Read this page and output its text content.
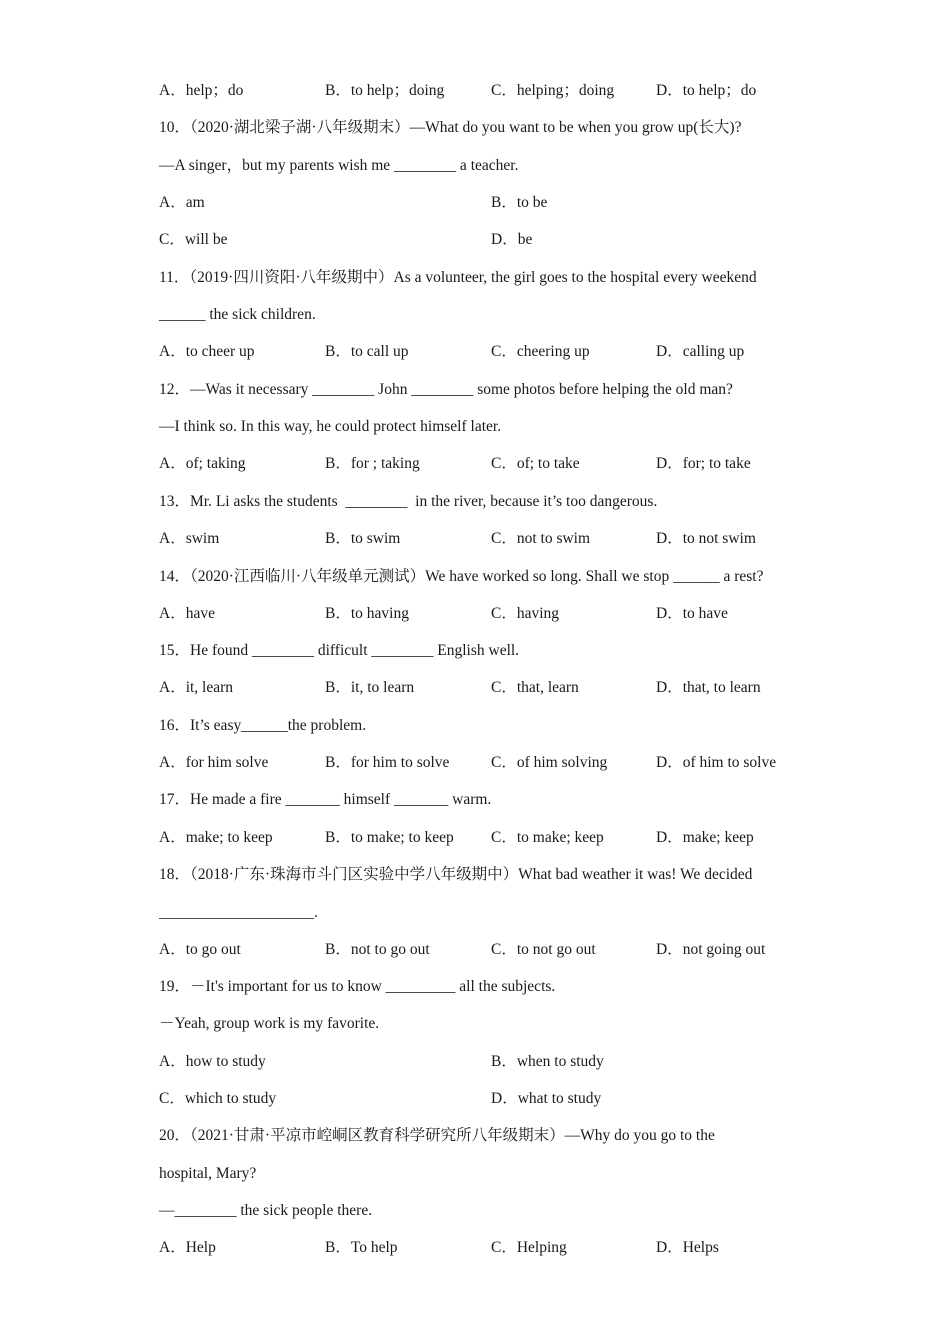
A．help；do	B．to help；doing	C．helping；doing	D．to help；do
10．（2020·湖北梁子湖·八年级期末）—What do you want to be when you grow up(长大)?
—A singer，but my parents wish me ________ a teacher.
A．am	B．to be
C．will be	D．be
11．（2019·四川资阳·八年级期中）As a volunteer, the girl goes to the hospital every weekend
______ the sick children.
A．to cheer up	B．to call up	C．cheering up	D．calling up
12．—Was it necessary ________ John ________ some photos before helping the old man?
—I think so. In this way, he could protect himself later.
A．of; taking	B．for ; taking	C．of; to take	D．for; to take
13．Mr. Li asks the students  ________  in the river, because it’s too dangerous.
A．swim	B．to swim	C．not to swim	D．to not swim
14．（2020·江西临川·八年级单元测试）We have worked so long. Shall we stop ______ a rest?
A．have	B．to having	C．having	D．to have
15．He found ________ difficult ________ English well.
A．it, learn	B．it, to learn	C．that, learn	D．that, to learn
16．It’s easy______the problem.
A．for him solve	B．for him to solve	C．of him solving	D．of him to solve
17．He made a fire _______ himself _______ warm.
A．make; to keep	B．to make; to keep C．to make; keep	D．make; keep
18．（2018·广东·珠海市斗门区实验中学八年级期中）What bad weather it was! We decided
____________________.
A．to go out	B．not to go out	C．to not go out	D．not going out
19．－It's important for us to know _________ all the subjects.
－Yeah, group work is my favorite.
A．how to study	B．when to study
C．which to study	D．what to study
20．（2021·甘肃·平凉市崆峒区教育科学研究所八年级期末）—Why do you go to the
hospital, Mary?
—________ the sick people there.
A．Help	B．To help	C．Helping	D．Helps
